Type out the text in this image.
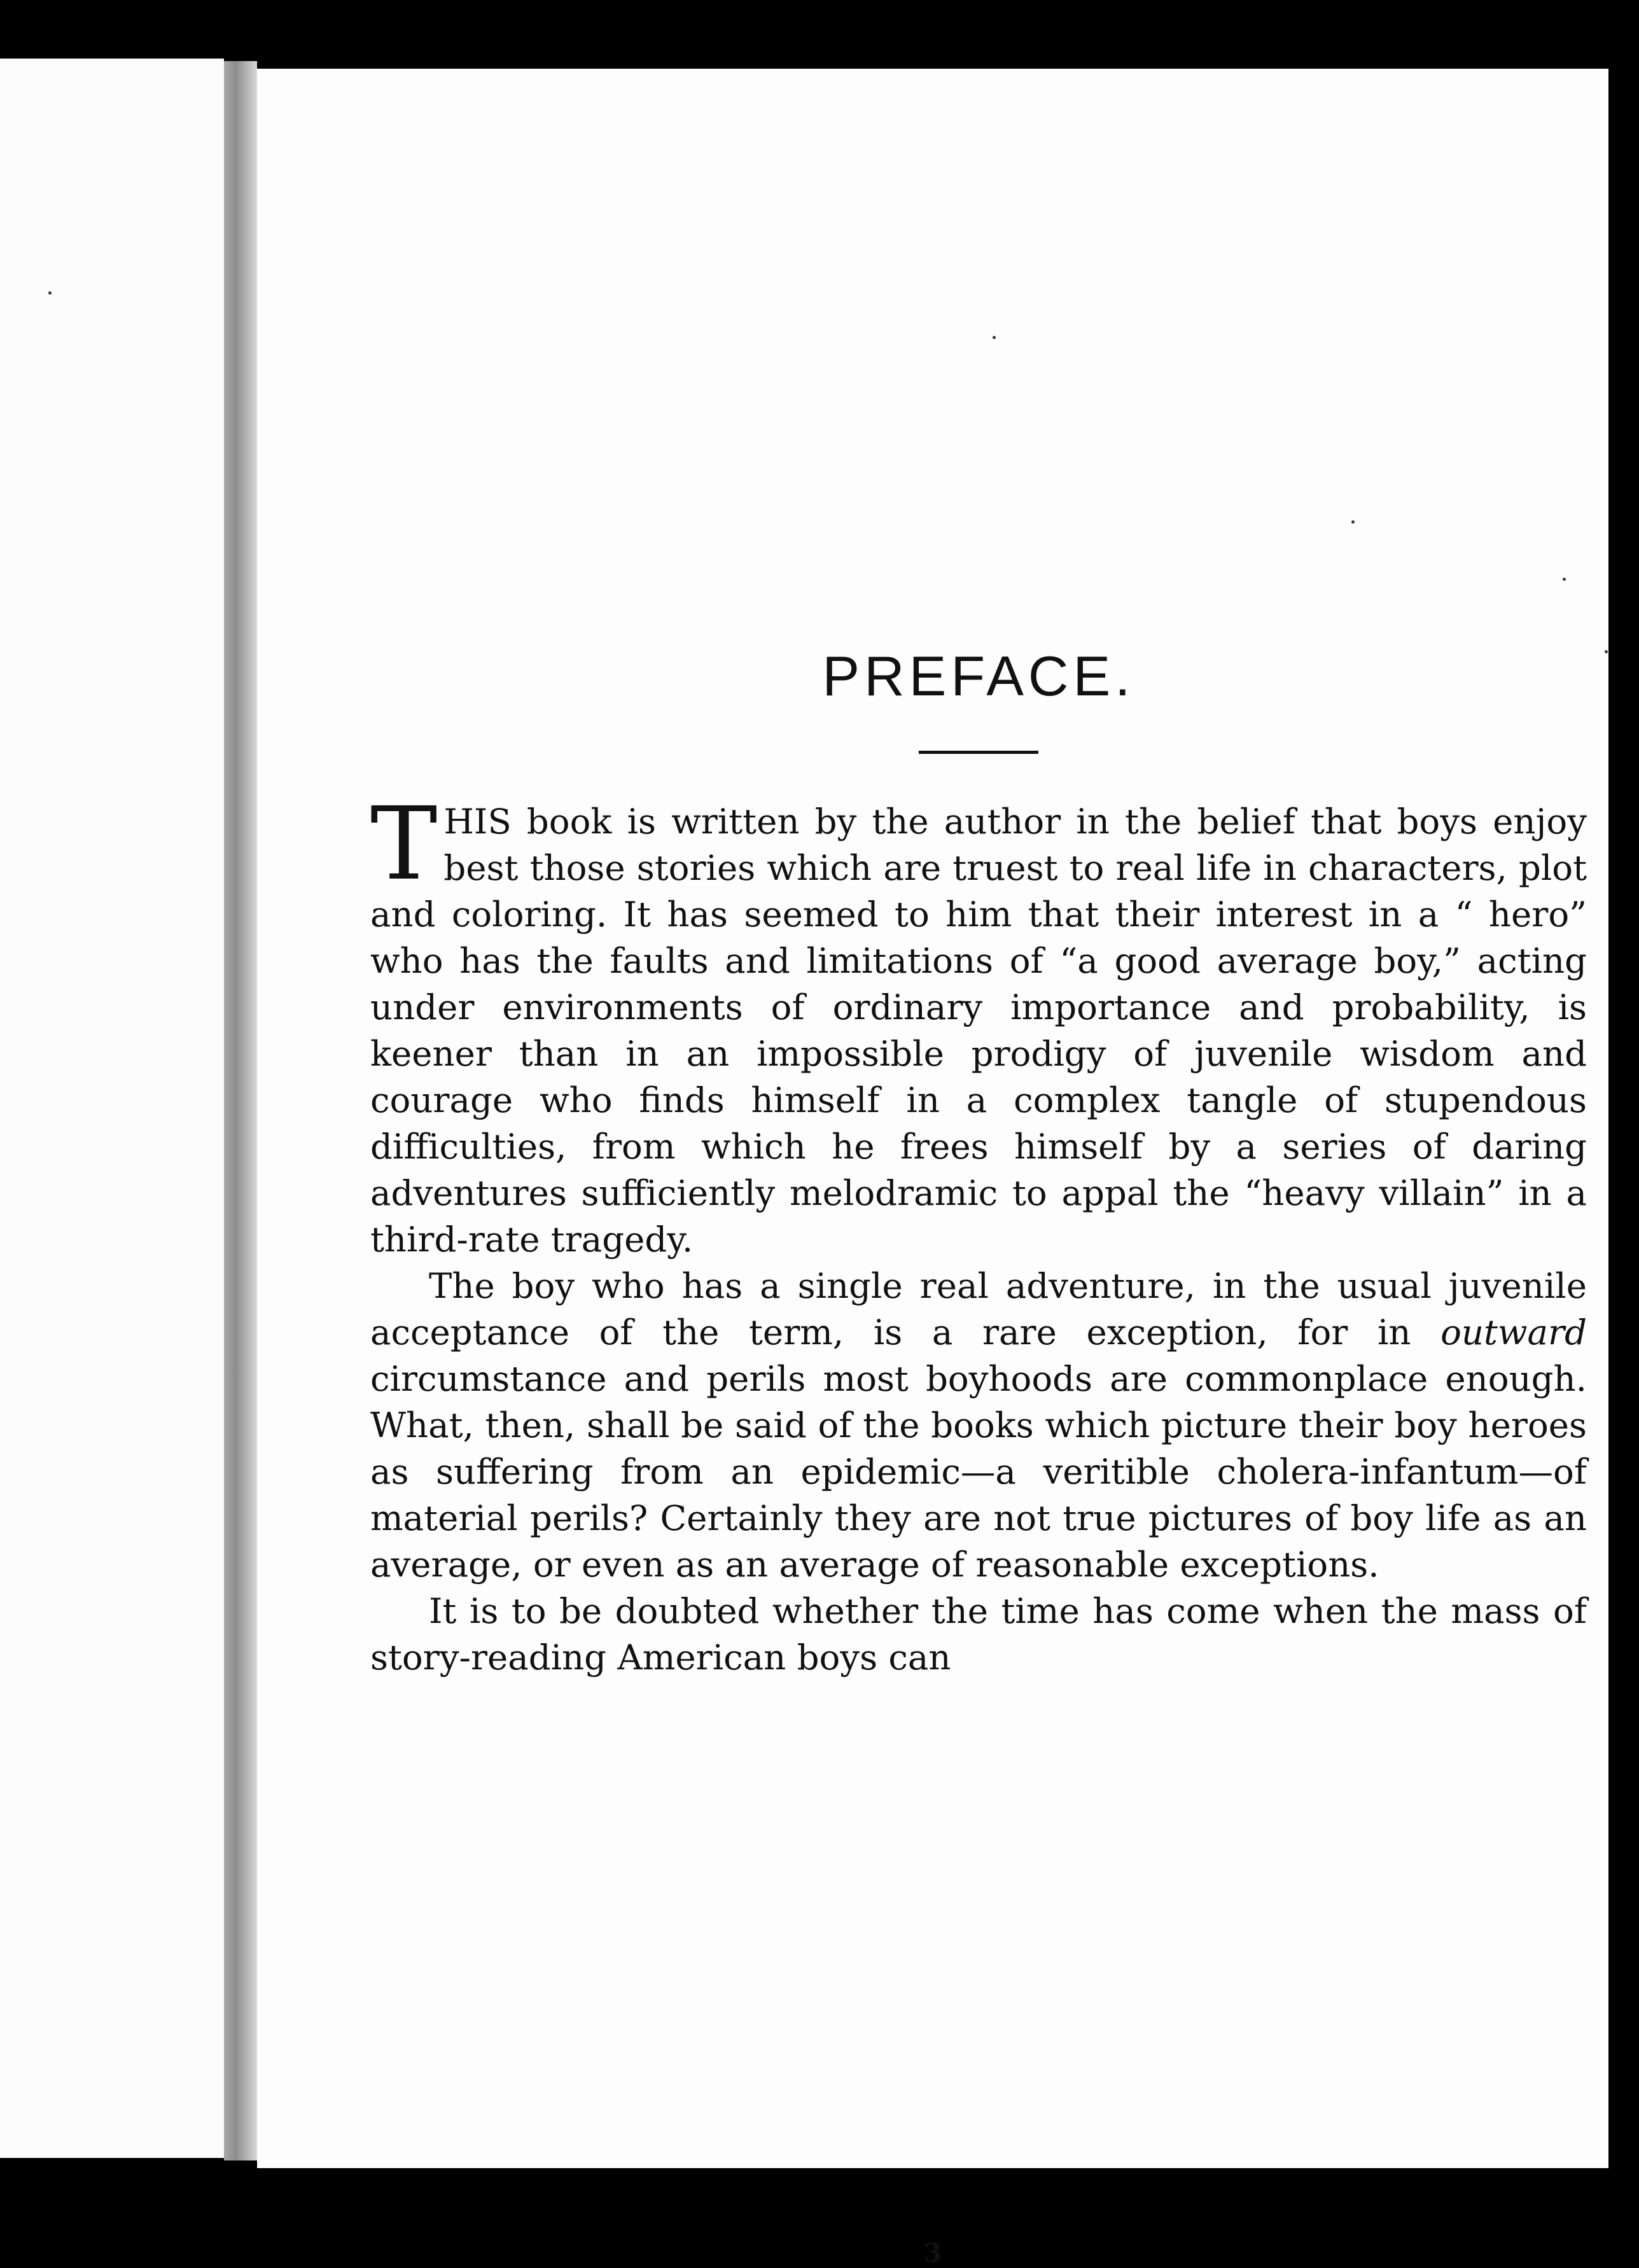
PREFACE.

THIS book is written by the author in the belief that boys enjoy best those stories which are truest to real life in characters, plot and coloring. It has seemed to him that their interest in a “ hero” who has the faults and limitations of “a good average boy,” acting under environments of ordinary importance and probability, is keener than in an impossible prodigy of juvenile wisdom and courage who finds himself in a complex tangle of stupendous difficulties, from which he frees himself by a series of daring adventures sufficiently melodramic to appal the “heavy villain” in a third-rate tragedy.

The boy who has a single real adventure, in the usual juvenile acceptance of the term, is a rare exception, for in outward circumstance and perils most boyhoods are commonplace enough. What, then, shall be said of the books which picture their boy heroes as suffering from an epidemic—a veritible cholera-infantum—of material perils? Certainly they are not true pictures of boy life as an average, or even as an average of reasonable exceptions.

It is to be doubted whether the time has come when the mass of story-reading American boys can

3
